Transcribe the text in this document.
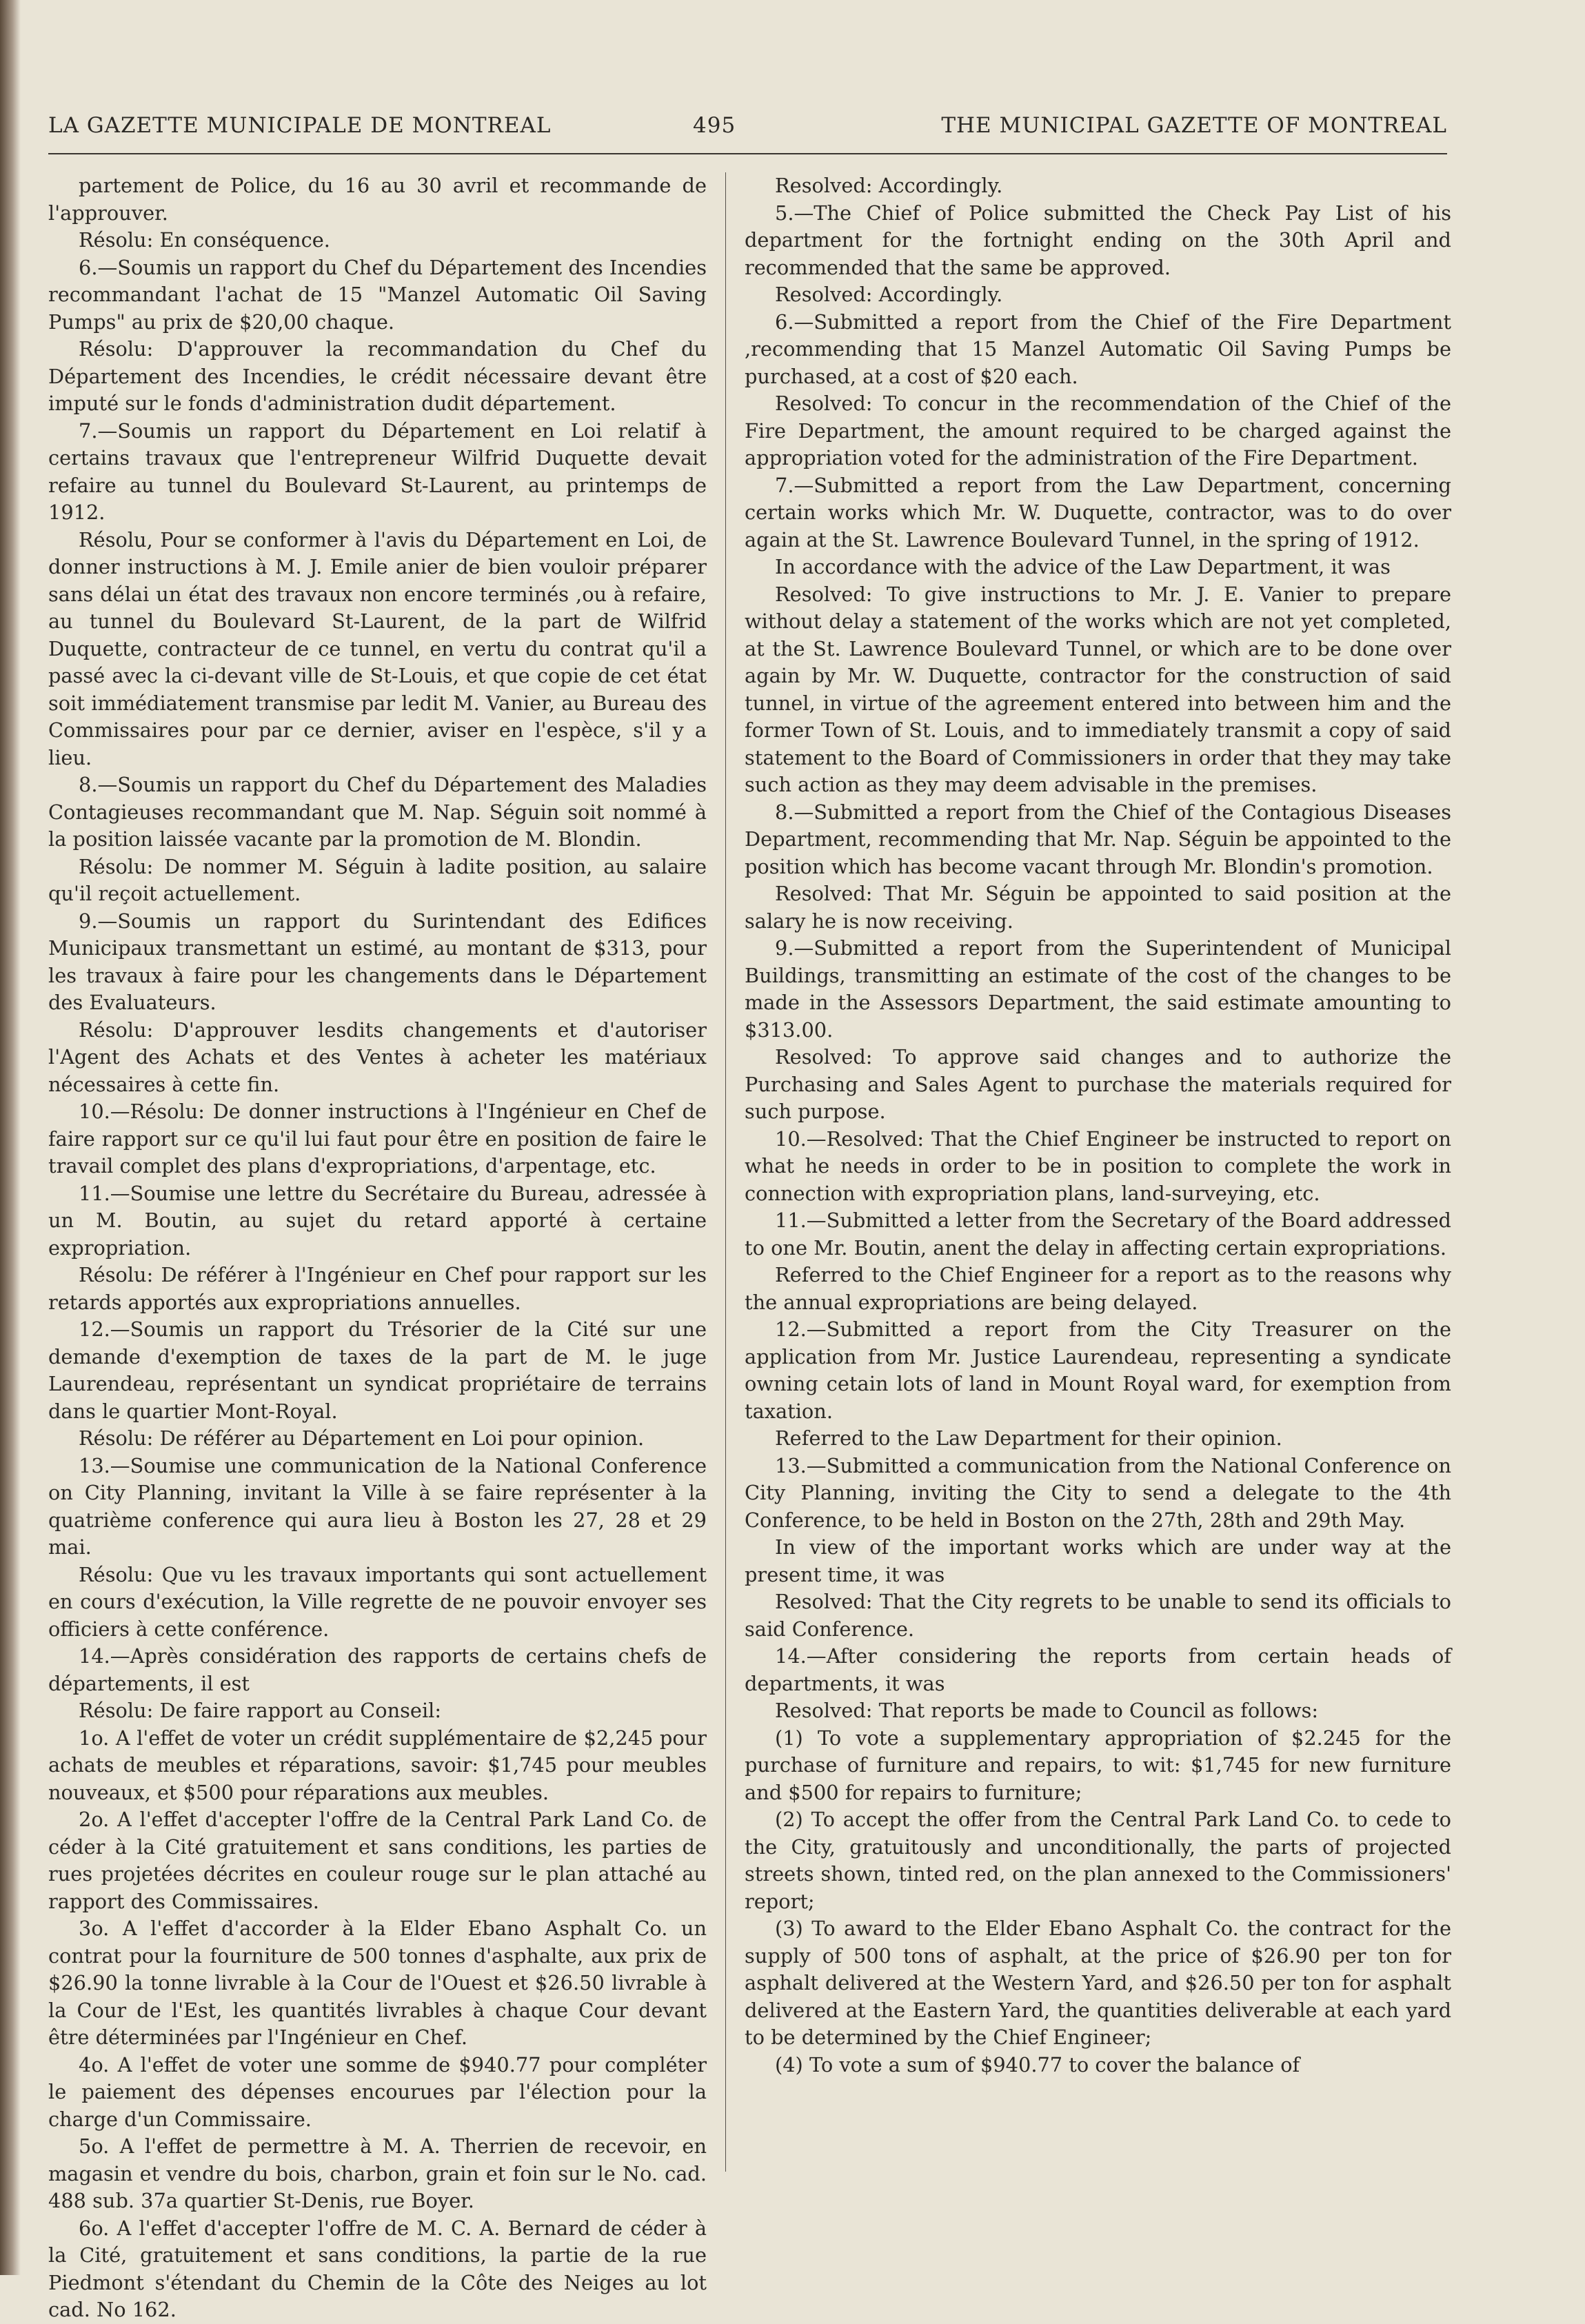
LA GAZETTE MUNICIPALE DE MONTREAL	495	THE MUNICIPAL GAZETTE OF MONTREAL

partement de Police, du 16 au 30 avril et recommande de l'approuver.

Résolu: En conséquence.

6.—Soumis un rapport du Chef du Département des Incendies recommandant l'achat de 15 "Manzel Automatic Oil Saving Pumps" au prix de $20,00 chaque.

Résolu: D'approuver la recommandation du Chef du Département des Incendies, le crédit nécessaire devant être imputé sur le fonds d'administration dudit département.

7.—Soumis un rapport du Département en Loi relatif à certains travaux que l'entrepreneur Wilfrid Duquette devait refaire au tunnel du Boulevard St-Laurent, au printemps de 1912.

Résolu, Pour se conformer à l'avis du Département en Loi, de donner instructions à M. J. Emile anier de bien vouloir préparer sans délai un état des travaux non encore terminés ,ou à refaire, au tunnel du Boulevard St-Laurent, de la part de Wilfrid Duquette, contracteur de ce tunnel, en vertu du contrat qu'il a passé avec la ci-devant ville de St-Louis, et que copie de cet état soit immédiatement transmise par ledit M. Vanier, au Bureau des Commissaires pour par ce dernier, aviser en l'espèce, s'il y a lieu.

8.—Soumis un rapport du Chef du Département des Maladies Contagieuses recommandant que M. Nap. Séguin soit nommé à la position laissée vacante par la promotion de M. Blondin.

Résolu: De nommer M. Séguin à ladite position, au salaire qu'il reçoit actuellement.

9.—Soumis un rapport du Surintendant des Edifices Municipaux transmettant un estimé, au montant de $313, pour les travaux à faire pour les changements dans le Département des Evaluateurs.

Résolu: D'approuver lesdits changements et d'autoriser l'Agent des Achats et des Ventes à acheter les matériaux nécessaires à cette fin.

10.—Résolu: De donner instructions à l'Ingénieur en Chef de faire rapport sur ce qu'il lui faut pour être en position de faire le travail complet des plans d'expropriations, d'arpentage, etc.

11.—Soumise une lettre du Secrétaire du Bureau, adressée à un M. Boutin, au sujet du retard apporté à certaine expropriation.

Résolu: De référer à l'Ingénieur en Chef pour rapport sur les retards apportés aux expropriations annuelles.

12.—Soumis un rapport du Trésorier de la Cité sur une demande d'exemption de taxes de la part de M. le juge Laurendeau, représentant un syndicat propriétaire de terrains dans le quartier Mont-Royal.

Résolu: De référer au Département en Loi pour opinion.

13.—Soumise une communication de la National Conference on City Planning, invitant la Ville à se faire représenter à la quatrième conference qui aura lieu à Boston les 27, 28 et 29 mai.

Résolu: Que vu les travaux importants qui sont actuellement en cours d'exécution, la Ville regrette de ne pouvoir envoyer ses officiers à cette conférence.

14.—Après considération des rapports de certains chefs de départements, il est

Résolu: De faire rapport au Conseil:

1o. A l'effet de voter un crédit supplémentaire de $2,245 pour achats de meubles et réparations, savoir: $1,745 pour meubles nouveaux, et $500 pour réparations aux meubles.

2o. A l'effet d'accepter l'offre de la Central Park Land Co. de céder à la Cité gratuitement et sans conditions, les parties de rues projetées décrites en couleur rouge sur le plan attaché au rapport des Commissaires.

3o. A l'effet d'accorder à la Elder Ebano Asphalt Co. un contrat pour la fourniture de 500 tonnes d'asphalte, aux prix de $26.90 la tonne livrable à la Cour de l'Ouest et $26.50 livrable à la Cour de l'Est, les quantités livrables à chaque Cour devant être déterminées par l'Ingénieur en Chef.

4o. A l'effet de voter une somme de $940.77 pour compléter le paiement des dépenses encourues par l'élection pour la charge d'un Commissaire.

5o. A l'effet de permettre à M. A. Therrien de recevoir, en magasin et vendre du bois, charbon, grain et foin sur le No. cad. 488 sub. 37a quartier St-Denis, rue Boyer.

6o. A l'effet d'accepter l'offre de M. C. A. Bernard de céder à la Cité, gratuitement et sans conditions, la partie de la rue Piedmont s'étendant du Chemin de la Côte des Neiges au lot cad. No 162.

Resolved: Accordingly.

5.—The Chief of Police submitted the Check Pay List of his department for the fortnight ending on the 30th April and recommended that the same be approved.

Resolved: Accordingly.

6.—Submitted a report from the Chief of the Fire Department ,recommending that 15 Manzel Automatic Oil Saving Pumps be purchased, at a cost of $20 each.

Resolved: To concur in the recommendation of the Chief of the Fire Department, the amount required to be charged against the appropriation voted for the administration of the Fire Department.

7.—Submitted a report from the Law Department, concerning certain works which Mr. W. Duquette, contractor, was to do over again at the St. Lawrence Boulevard Tunnel, in the spring of 1912.

In accordance with the advice of the Law Department, it was

Resolved: To give instructions to Mr. J. E. Vanier to prepare without delay a statement of the works which are not yet completed, at the St. Lawrence Boulevard Tunnel, or which are to be done over again by Mr. W. Duquette, contractor for the construction of said tunnel, in virtue of the agreement entered into between him and the former Town of St. Louis, and to immediately transmit a copy of said statement to the Board of Commissioners in order that they may take such action as they may deem advisable in the premises.

8.—Submitted a report from the Chief of the Contagious Diseases Department, recommending that Mr. Nap. Séguin be appointed to the position which has become vacant through Mr. Blondin's promotion.

Resolved: That Mr. Séguin be appointed to said position at the salary he is now receiving.

9.—Submitted a report from the Superintendent of Municipal Buildings, transmitting an estimate of the cost of the changes to be made in the Assessors Department, the said estimate amounting to $313.00.

Resolved: To approve said changes and to authorize the Purchasing and Sales Agent to purchase the materials required for such purpose.

10.—Resolved: That the Chief Engineer be instructed to report on what he needs in order to be in position to complete the work in connection with expropriation plans, land-surveying, etc.

11.—Submitted a letter from the Secretary of the Board addressed to one Mr. Boutin, anent the delay in affecting certain expropriations.

Referred to the Chief Engineer for a report as to the reasons why the annual expropriations are being delayed.

12.—Submitted a report from the City Treasurer on the application from Mr. Justice Laurendeau, representing a syndicate owning cetain lots of land in Mount Royal ward, for exemption from taxation.

Referred to the Law Department for their opinion.

13.—Submitted a communication from the National Conference on City Planning, inviting the City to send a delegate to the 4th Conference, to be held in Boston on the 27th, 28th and 29th May.

In view of the important works which are under way at the present time, it was

Resolved: That the City regrets to be unable to send its officials to said Conference.

14.—After considering the reports from certain heads of departments, it was

Resolved: That reports be made to Council as follows:

(1) To vote a supplementary appropriation of $2.245 for the purchase of furniture and repairs, to wit: $1,745 for new furniture and $500 for repairs to furniture;

(2) To accept the offer from the Central Park Land Co. to cede to the City, gratuitously and unconditionally, the parts of projected streets shown, tinted red, on the plan annexed to the Commissioners' report;

(3) To award to the Elder Ebano Asphalt Co. the contract for the supply of 500 tons of asphalt, at the price of $26.90 per ton for asphalt delivered at the Western Yard, and $26.50 per ton for asphalt delivered at the Eastern Yard, the quantities deliverable at each yard to be determined by the Chief Engineer;

(4) To vote a sum of $940.77 to cover the balance of
